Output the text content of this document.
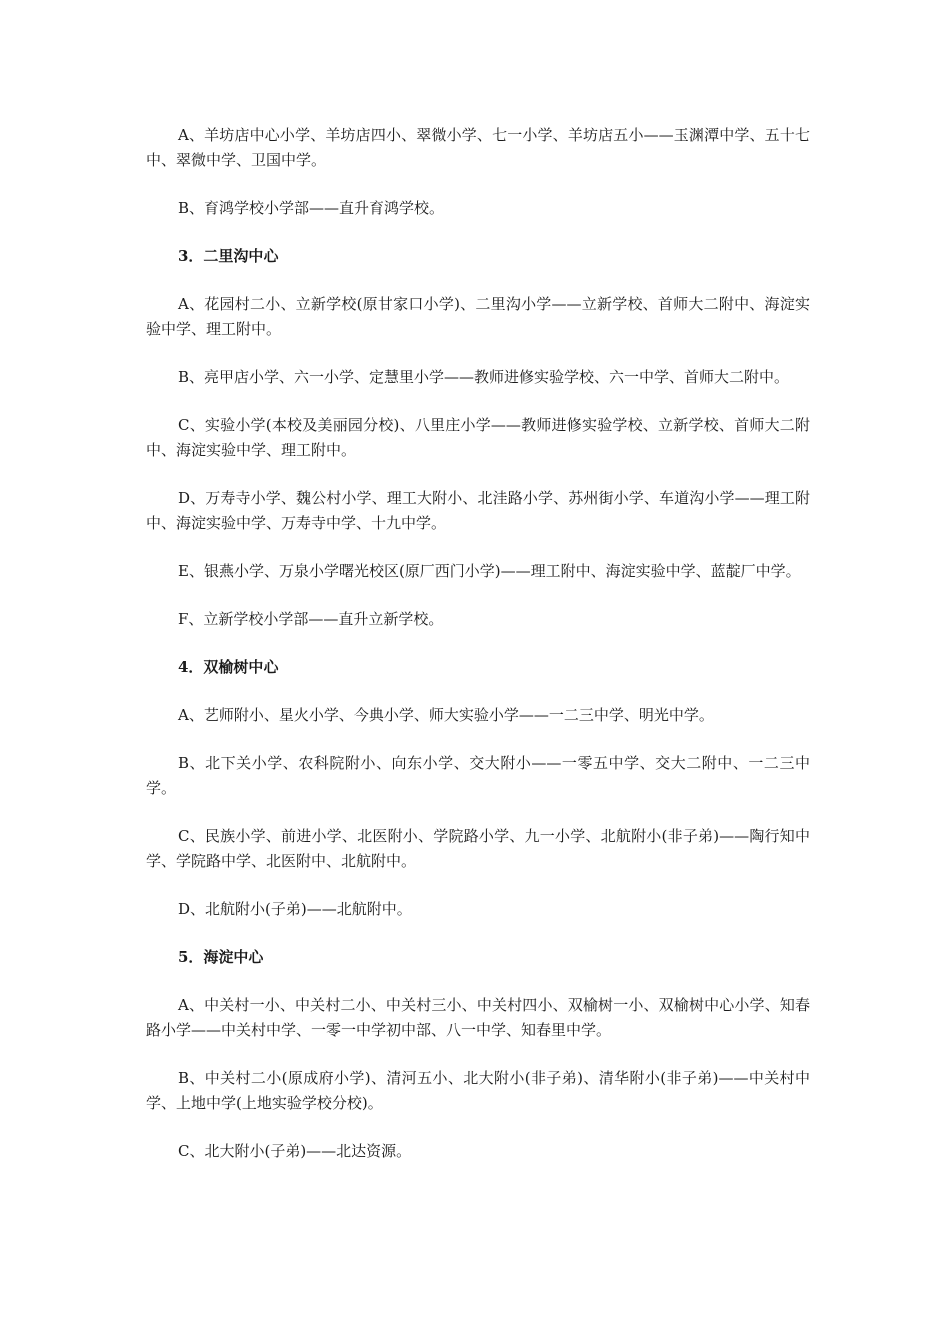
A、羊坊店中心小学、羊坊店四小、翠微小学、七一小学、羊坊店五小——玉渊潭中学、五十七中、翠微中学、卫国中学。

B、育鸿学校小学部——直升育鸿学校。

3．二里沟中心

A、花园村二小、立新学校(原甘家口小学)、二里沟小学——立新学校、首师大二附中、海淀实验中学、理工附中。

B、亮甲店小学、六一小学、定慧里小学——教师进修实验学校、六一中学、首师大二附中。

C、实验小学(本校及美丽园分校)、八里庄小学——教师进修实验学校、立新学校、首师大二附中、海淀实验中学、理工附中。

D、万寿寺小学、魏公村小学、理工大附小、北洼路小学、苏州街小学、车道沟小学——理工附中、海淀实验中学、万寿寺中学、十九中学。

E、银燕小学、万泉小学曙光校区(原厂西门小学)——理工附中、海淀实验中学、蓝靛厂中学。

F、立新学校小学部——直升立新学校。

4．双榆树中心

A、艺师附小、星火小学、今典小学、师大实验小学——一二三中学、明光中学。

B、北下关小学、农科院附小、向东小学、交大附小——一零五中学、交大二附中、一二三中学。

C、民族小学、前进小学、北医附小、学院路小学、九一小学、北航附小(非子弟)——陶行知中学、学院路中学、北医附中、北航附中。

D、北航附小(子弟)——北航附中。

5．海淀中心

A、中关村一小、中关村二小、中关村三小、中关村四小、双榆树一小、双榆树中心小学、知春路小学——中关村中学、一零一中学初中部、八一中学、知春里中学。

B、中关村二小(原成府小学)、清河五小、北大附小(非子弟)、清华附小(非子弟)——中关村中学、上地中学(上地实验学校分校)。

C、北大附小(子弟)——北达资源。
